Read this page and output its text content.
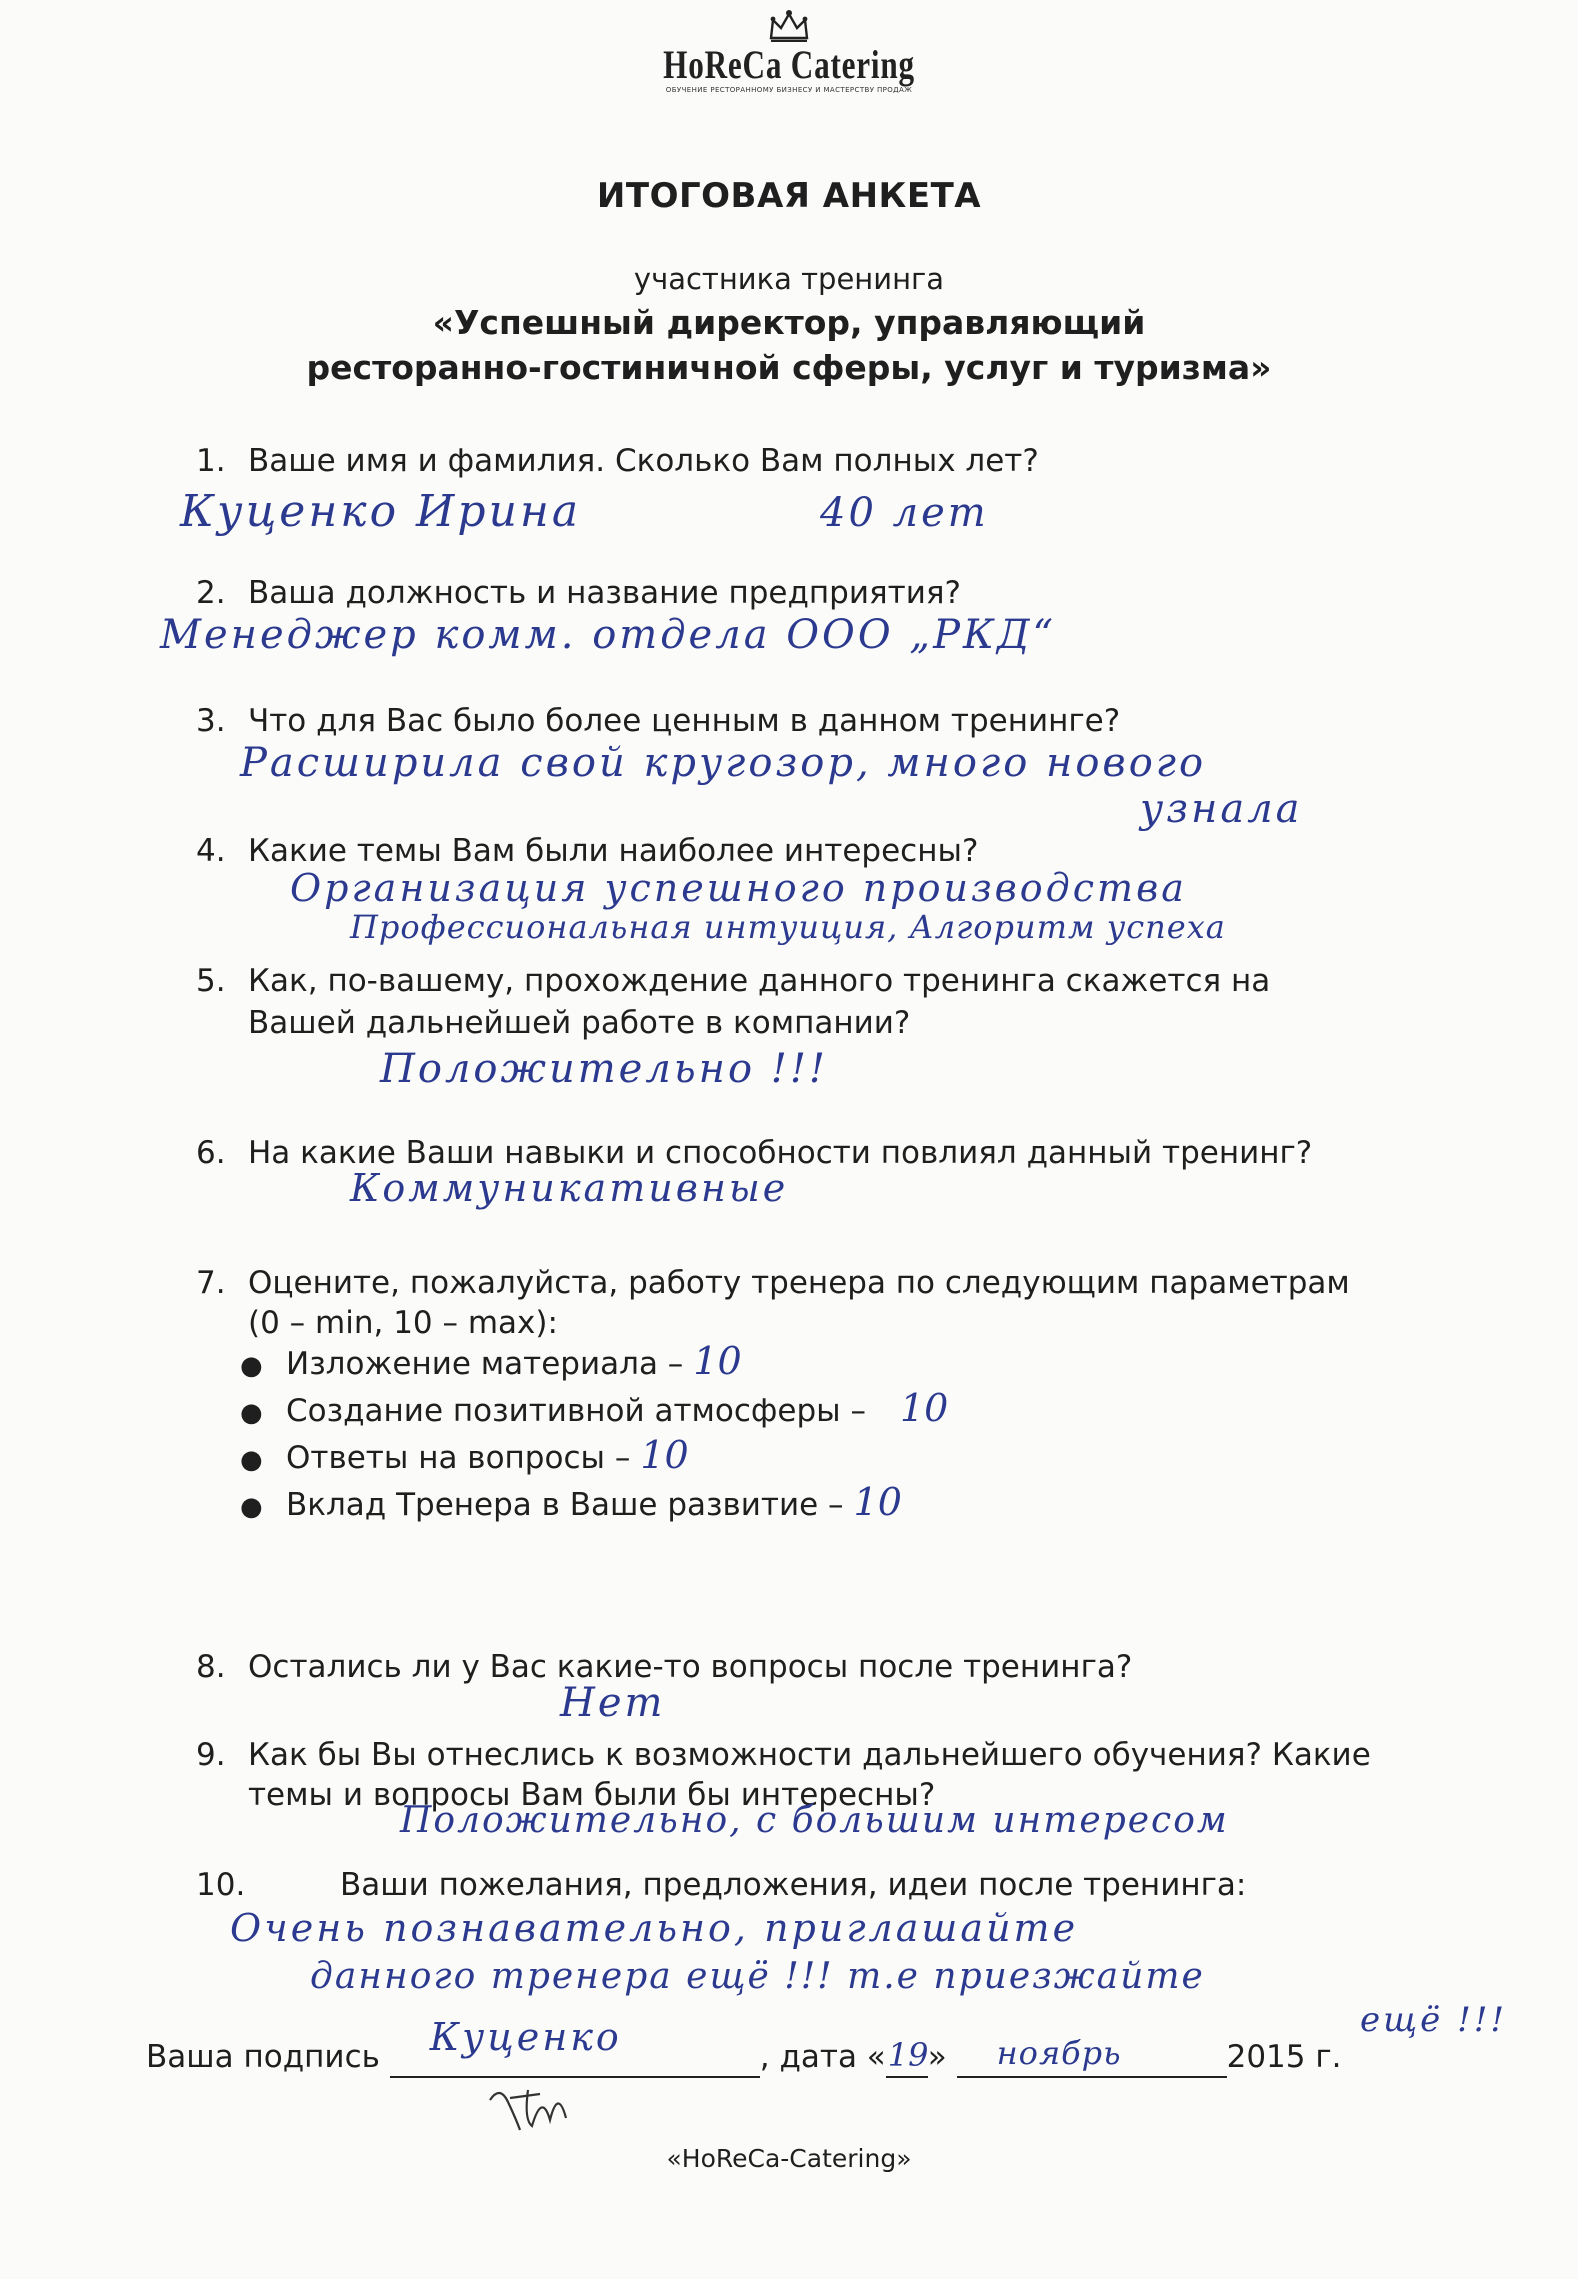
HoReCa Catering
ОБУЧЕНИЕ РЕСТОРАННОМУ БИЗНЕСУ И МАСТЕРСТВУ ПРОДАЖ
ИТОГОВАЯ АНКЕТА
участника тренинга
«Успешный директор, управляющий
ресторанно-гостиничной сферы, услуг и туризма»
1. Ваше имя и фамилия. Сколько Вам полных лет?
Куценко Ирина	40 лет
2. Ваша должность и название предприятия?
Менеджер комм. отдела ООО „РКД“
3. Что для Вас было более ценным в данном тренинге?
Расширила свой кругозор, много нового
узнала
4. Какие темы Вам были наиболее интересны?
Организация успешного производства
Профессиональная интуиция, Алгоритм успеха
5. Как, по-вашему, прохождение данного тренинга скажется на
Вашей дальнейшей работе в компании?
Положительно !!!
6. На какие Ваши навыки и способности повлиял данный тренинг?
Коммуникативные
7. Оцените, пожалуйста, работу тренера по следующим параметрам
(0 – min, 10 – max):
● Изложение материала – 10
● Создание позитивной атмосферы – 10
● Ответы на вопросы – 10
● Вклад Тренера в Ваше развитие – 10
8. Остались ли у Вас какие-то вопросы после тренинга?
Нет
9. Как бы Вы отнеслись к возможности дальнейшего обучения? Какие
темы и вопросы Вам были бы интересны?
Положительно, с большим интересом
10.	Ваши пожелания, предложения, идеи после тренинга:
Очень познавательно, приглашайте
данного тренера ещё !!! т.е приезжайте
ещё !!!
Ваша подпись Куценко	, дата « 19 » ноябрь	2015 г.
«HoReCa-Catering»
